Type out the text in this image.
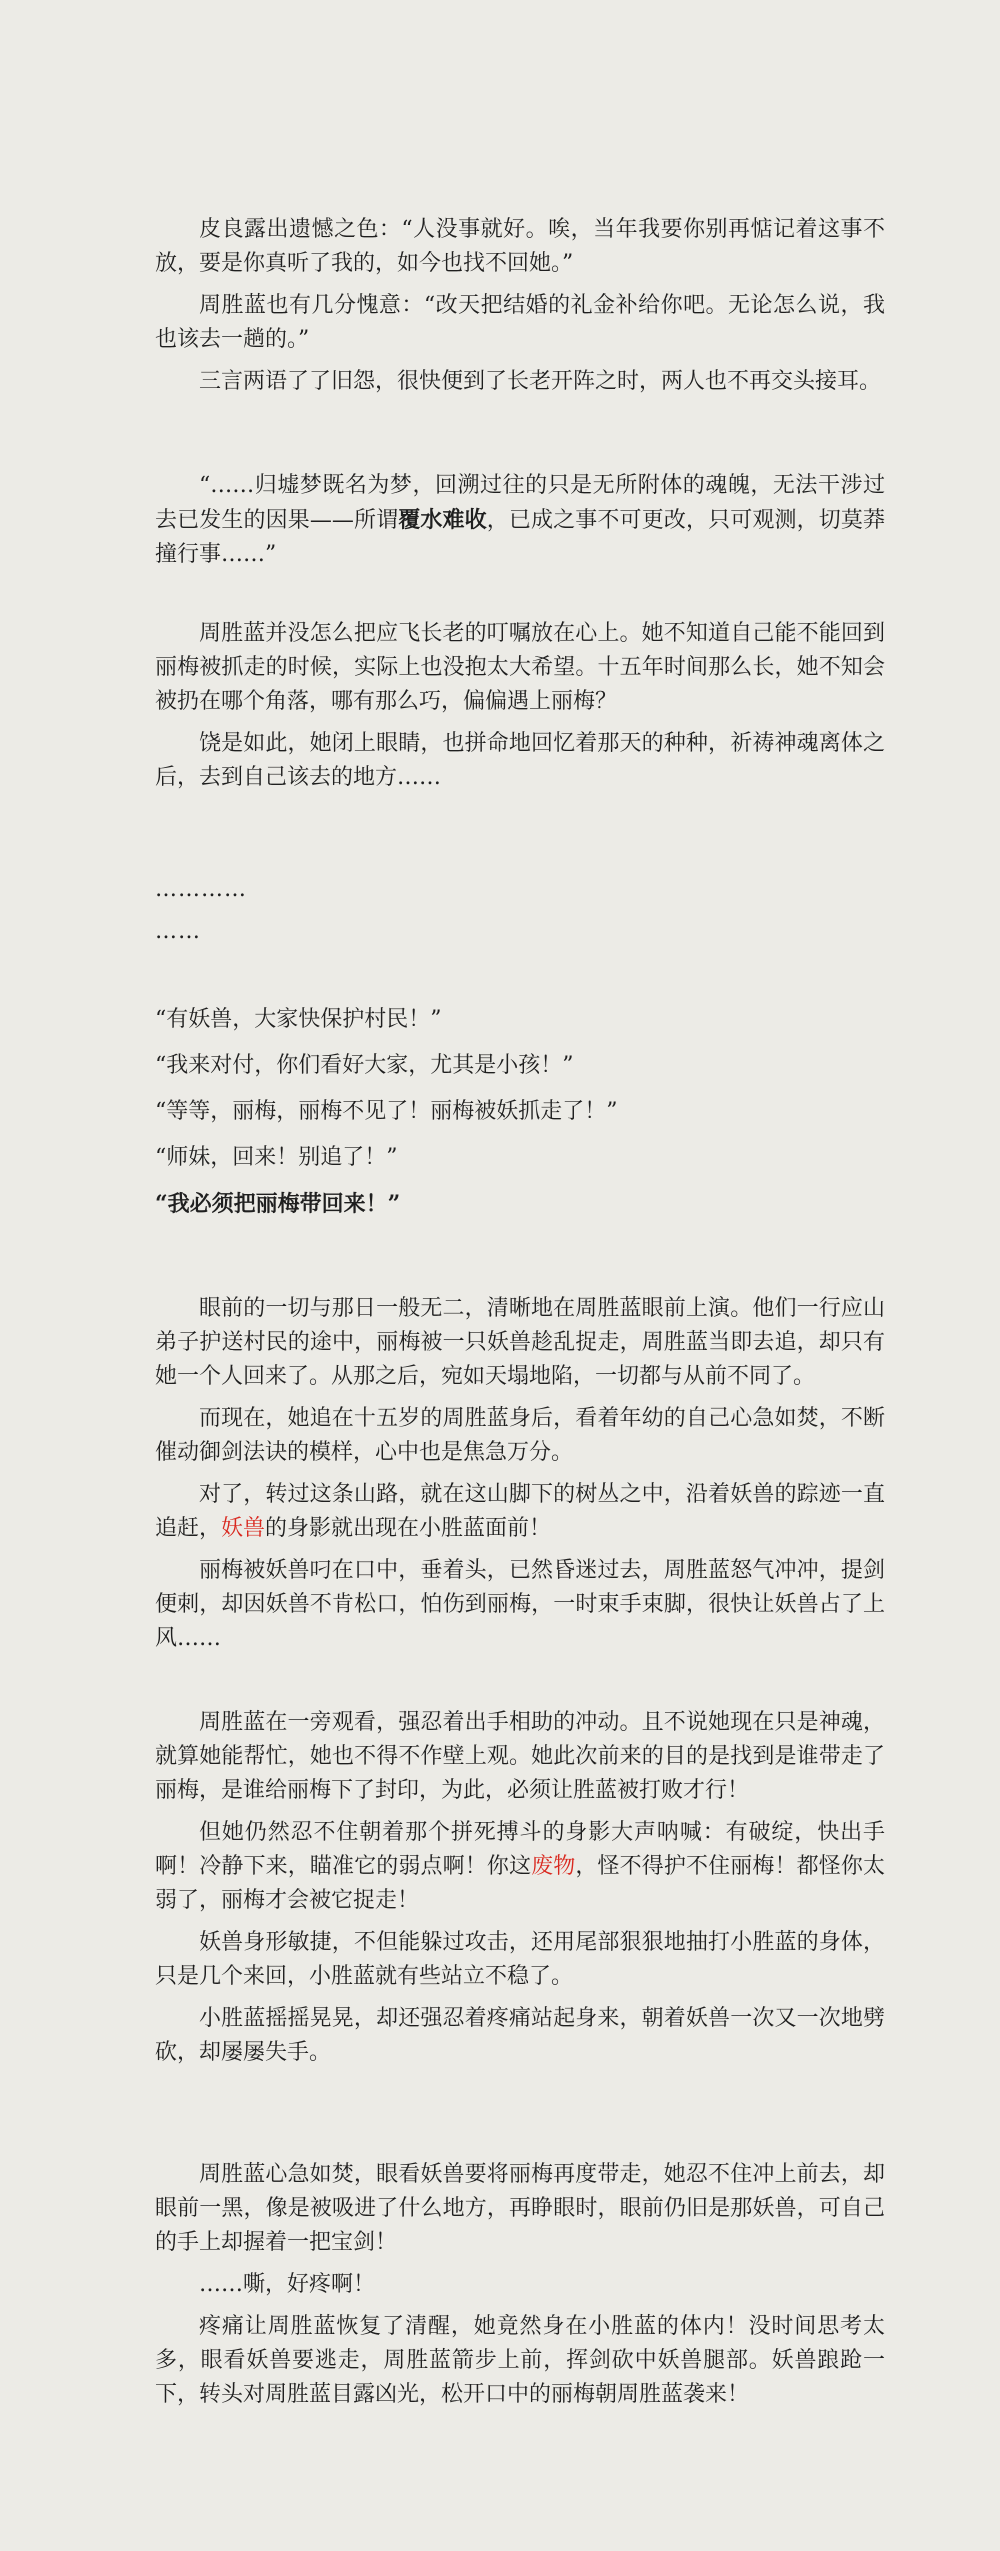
皮良露出遗憾之色：“人没事就好。唉，当年我要你别再惦记着这事不放，要是你真听了我的，如今也找不回她。”

周胜蓝也有几分愧意：“改天把结婚的礼金补给你吧。无论怎么说，我也该去一趟的。”

三言两语了了旧怨，很快便到了长老开阵之时，两人也不再交头接耳。

“……归墟梦既名为梦，回溯过往的只是无所附体的魂魄，无法干涉过去已发生的因果——所谓覆水难收，已成之事不可更改，只可观测，切莫莽撞行事……”

周胜蓝并没怎么把应飞长老的叮嘱放在心上。她不知道自己能不能回到丽梅被抓走的时候，实际上也没抱太大希望。十五年时间那么长，她不知会被扔在哪个角落，哪有那么巧，偏偏遇上丽梅？

饶是如此，她闭上眼睛，也拼命地回忆着那天的种种，祈祷神魂离体之后，去到自己该去的地方……

…………
……

“有妖兽，大家快保护村民！”

“我来对付，你们看好大家，尤其是小孩！”

“等等，丽梅，丽梅不见了！丽梅被妖抓走了！”

“师妹，回来！别追了！”

“我必须把丽梅带回来！”

眼前的一切与那日一般无二，清晰地在周胜蓝眼前上演。他们一行应山弟子护送村民的途中，丽梅被一只妖兽趁乱捉走，周胜蓝当即去追，却只有她一个人回来了。从那之后，宛如天塌地陷，一切都与从前不同了。

而现在，她追在十五岁的周胜蓝身后，看着年幼的自己心急如焚，不断催动御剑法诀的模样，心中也是焦急万分。

对了，转过这条山路，就在这山脚下的树丛之中，沿着妖兽的踪迹一直追赶，妖兽的身影就出现在小胜蓝面前！

丽梅被妖兽叼在口中，垂着头，已然昏迷过去，周胜蓝怒气冲冲，提剑便刺，却因妖兽不肯松口，怕伤到丽梅，一时束手束脚，很快让妖兽占了上风……

周胜蓝在一旁观看，强忍着出手相助的冲动。且不说她现在只是神魂，就算她能帮忙，她也不得不作壁上观。她此次前来的目的是找到是谁带走了丽梅，是谁给丽梅下了封印，为此，必须让胜蓝被打败才行！

但她仍然忍不住朝着那个拼死搏斗的身影大声呐喊：有破绽，快出手啊！冷静下来，瞄准它的弱点啊！你这废物，怪不得护不住丽梅！都怪你太弱了，丽梅才会被它捉走！

妖兽身形敏捷，不但能躲过攻击，还用尾部狠狠地抽打小胜蓝的身体，只是几个来回，小胜蓝就有些站立不稳了。

小胜蓝摇摇晃晃，却还强忍着疼痛站起身来，朝着妖兽一次又一次地劈砍，却屡屡失手。

周胜蓝心急如焚，眼看妖兽要将丽梅再度带走，她忍不住冲上前去，却眼前一黑，像是被吸进了什么地方，再睁眼时，眼前仍旧是那妖兽，可自己的手上却握着一把宝剑！

……嘶，好疼啊！

疼痛让周胜蓝恢复了清醒，她竟然身在小胜蓝的体内！没时间思考太多，眼看妖兽要逃走，周胜蓝箭步上前，挥剑砍中妖兽腿部。妖兽踉跄一下，转头对周胜蓝目露凶光，松开口中的丽梅朝周胜蓝袭来！
